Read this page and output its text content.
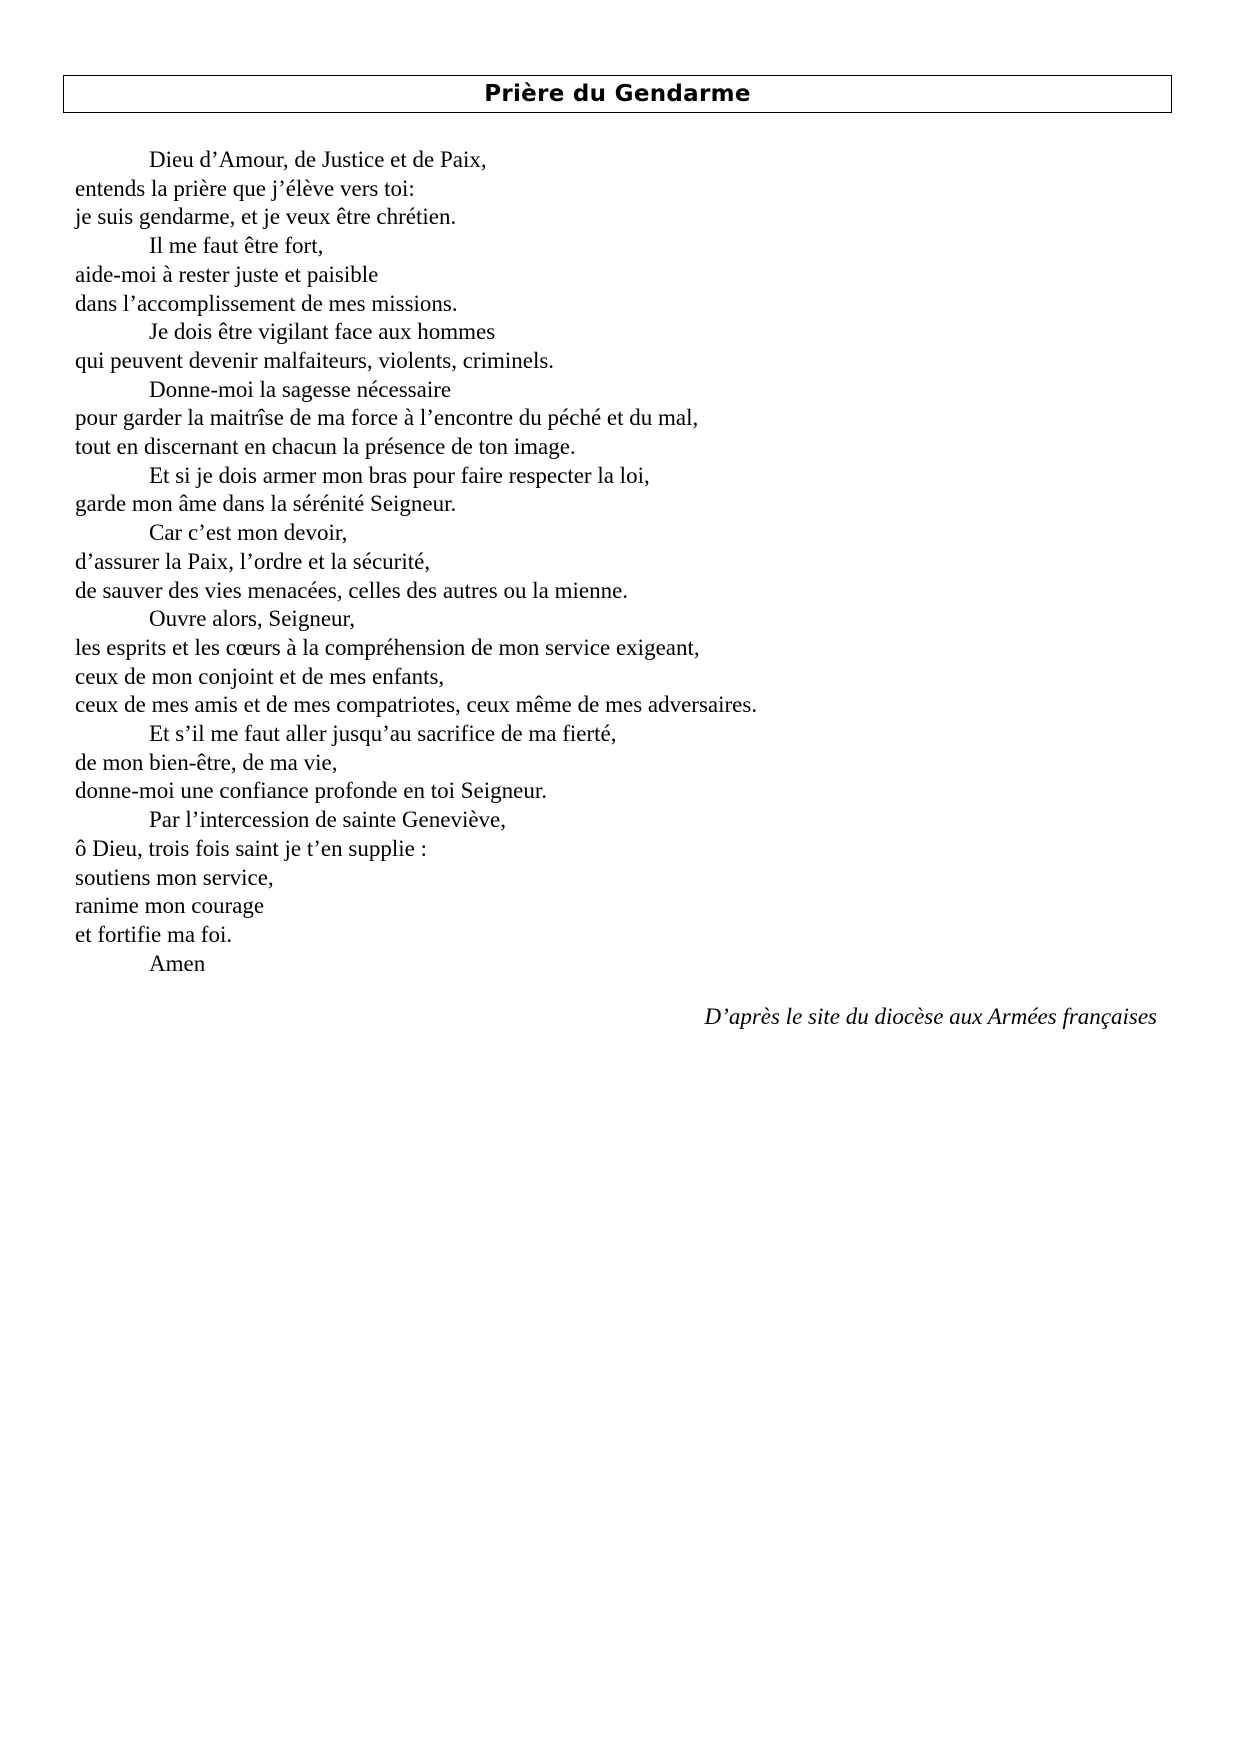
Prière du Gendarme
Dieu d’Amour, de Justice et de Paix,
entends la prière que j’élève vers toi:
je suis gendarme, et je veux être chrétien.
Il me faut être fort,
aide-moi à rester juste et paisible
dans l’accomplissement de mes missions.
Je dois être vigilant face aux hommes
qui peuvent devenir malfaiteurs, violents, criminels.
Donne-moi la sagesse nécessaire
pour garder la maitrîse de ma force à l’encontre du péché et du mal,
tout en discernant en chacun la présence de ton image.
Et si je dois armer mon bras pour faire respecter la loi,
garde mon âme dans la sérénité Seigneur.
Car c’est mon devoir,
d’assurer la Paix, l’ordre et la sécurité,
de sauver des vies menacées, celles des autres ou la mienne.
Ouvre alors, Seigneur,
les esprits et les cœurs à la compréhension de mon service exigeant,
ceux de mon conjoint et de mes enfants,
ceux de mes amis et de mes compatriotes, ceux même de mes adversaires.
Et s’il me faut aller jusqu’au sacrifice de ma fierté,
de mon bien-être, de ma vie,
donne-moi une confiance profonde en toi Seigneur.
Par l’intercession de sainte Geneviève,
ô Dieu, trois fois saint je t’en supplie :
soutiens mon service,
ranime mon courage
et fortifie ma foi.
Amen
D’après le site du diocèse aux Armées françaises
